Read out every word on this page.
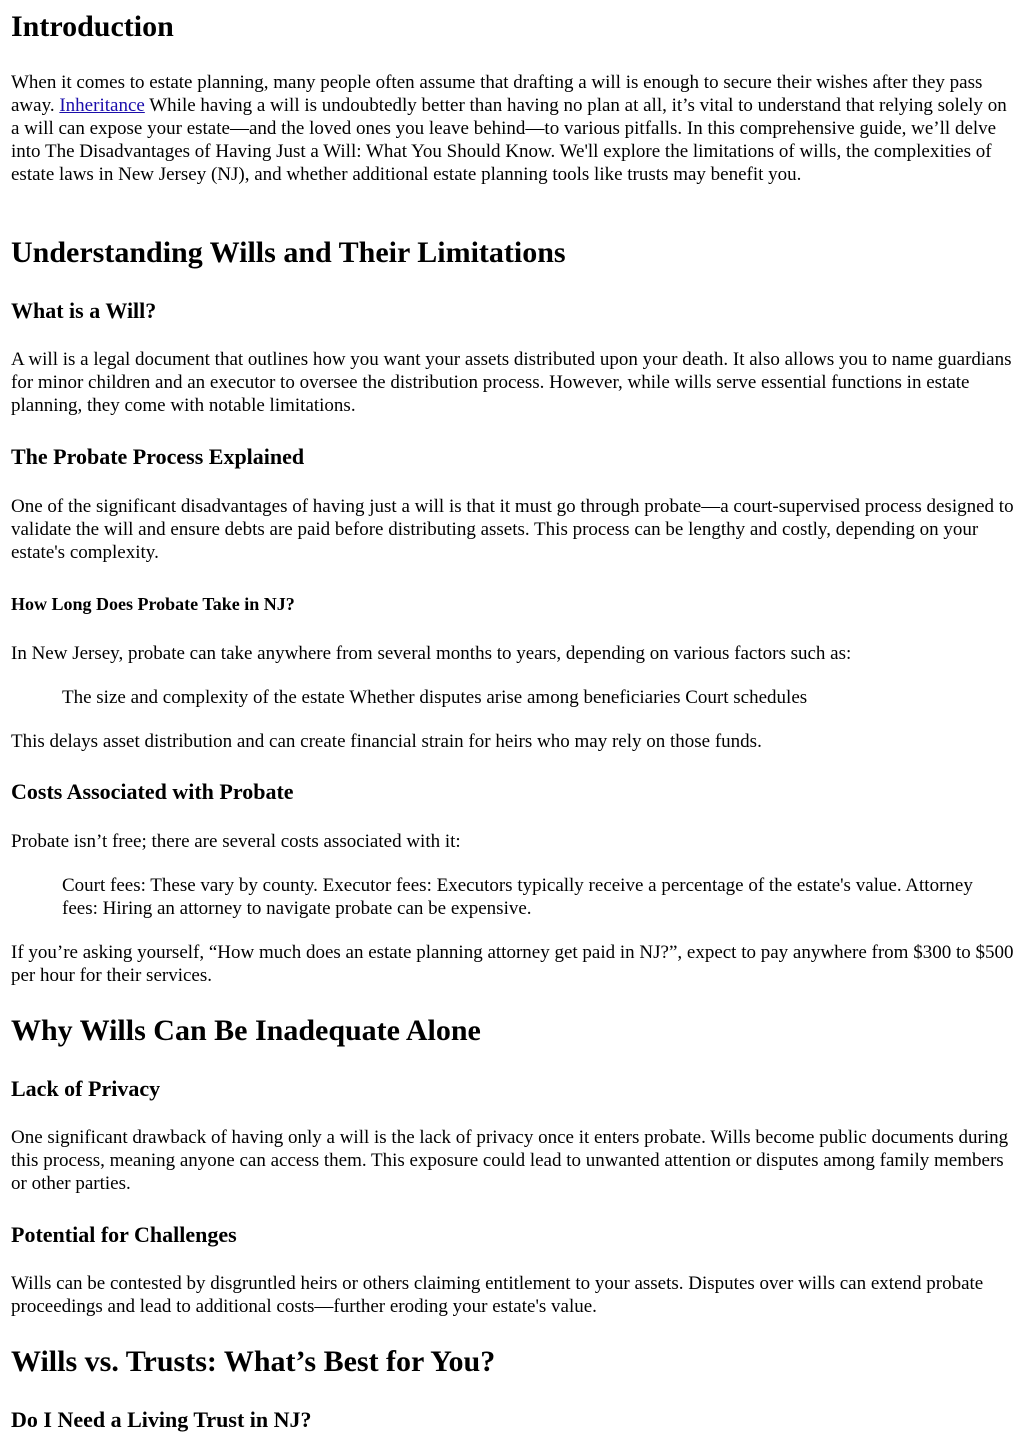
Introduction

When it comes to estate planning, many people often assume that drafting a will is enough to secure their wishes after they pass away. Inheritance While having a will is undoubtedly better than having no plan at all, it’s vital to understand that relying solely on a will can expose your estate—and the loved ones you leave behind—to various pitfalls. In this comprehensive guide, we’ll delve into The Disadvantages of Having Just a Will: What You Should Know. We'll explore the limitations of wills, the complexities of estate laws in New Jersey (NJ), and whether additional estate planning tools like trusts may benefit you.

Understanding Wills and Their Limitations
What is a Will?

A will is a legal document that outlines how you want your assets distributed upon your death. It also allows you to name guardians for minor children and an executor to oversee the distribution process. However, while wills serve essential functions in estate planning, they come with notable limitations.

The Probate Process Explained

One of the significant disadvantages of having just a will is that it must go through probate—a court-supervised process designed to validate the will and ensure debts are paid before distributing assets. This process can be lengthy and costly, depending on your estate's complexity.

How Long Does Probate Take in NJ?

In New Jersey, probate can take anywhere from several months to years, depending on various factors such as:

The size and complexity of the estate Whether disputes arise among beneficiaries Court schedules

This delays asset distribution and can create financial strain for heirs who may rely on those funds.

Costs Associated with Probate

Probate isn’t free; there are several costs associated with it:

Court fees: These vary by county. Executor fees: Executors typically receive a percentage of the estate's value. Attorney fees: Hiring an attorney to navigate probate can be expensive.

If you’re asking yourself, “How much does an estate planning attorney get paid in NJ?”, expect to pay anywhere from $300 to $500 per hour for their services.

Why Wills Can Be Inadequate Alone
Lack of Privacy

One significant drawback of having only a will is the lack of privacy once it enters probate. Wills become public documents during this process, meaning anyone can access them. This exposure could lead to unwanted attention or disputes among family members or other parties.

Potential for Challenges

Wills can be contested by disgruntled heirs or others claiming entitlement to your assets. Disputes over wills can extend probate proceedings and lead to additional costs—further eroding your estate's value.

Wills vs. Trusts: What’s Best for You?
Do I Need a Living Trust in NJ?
